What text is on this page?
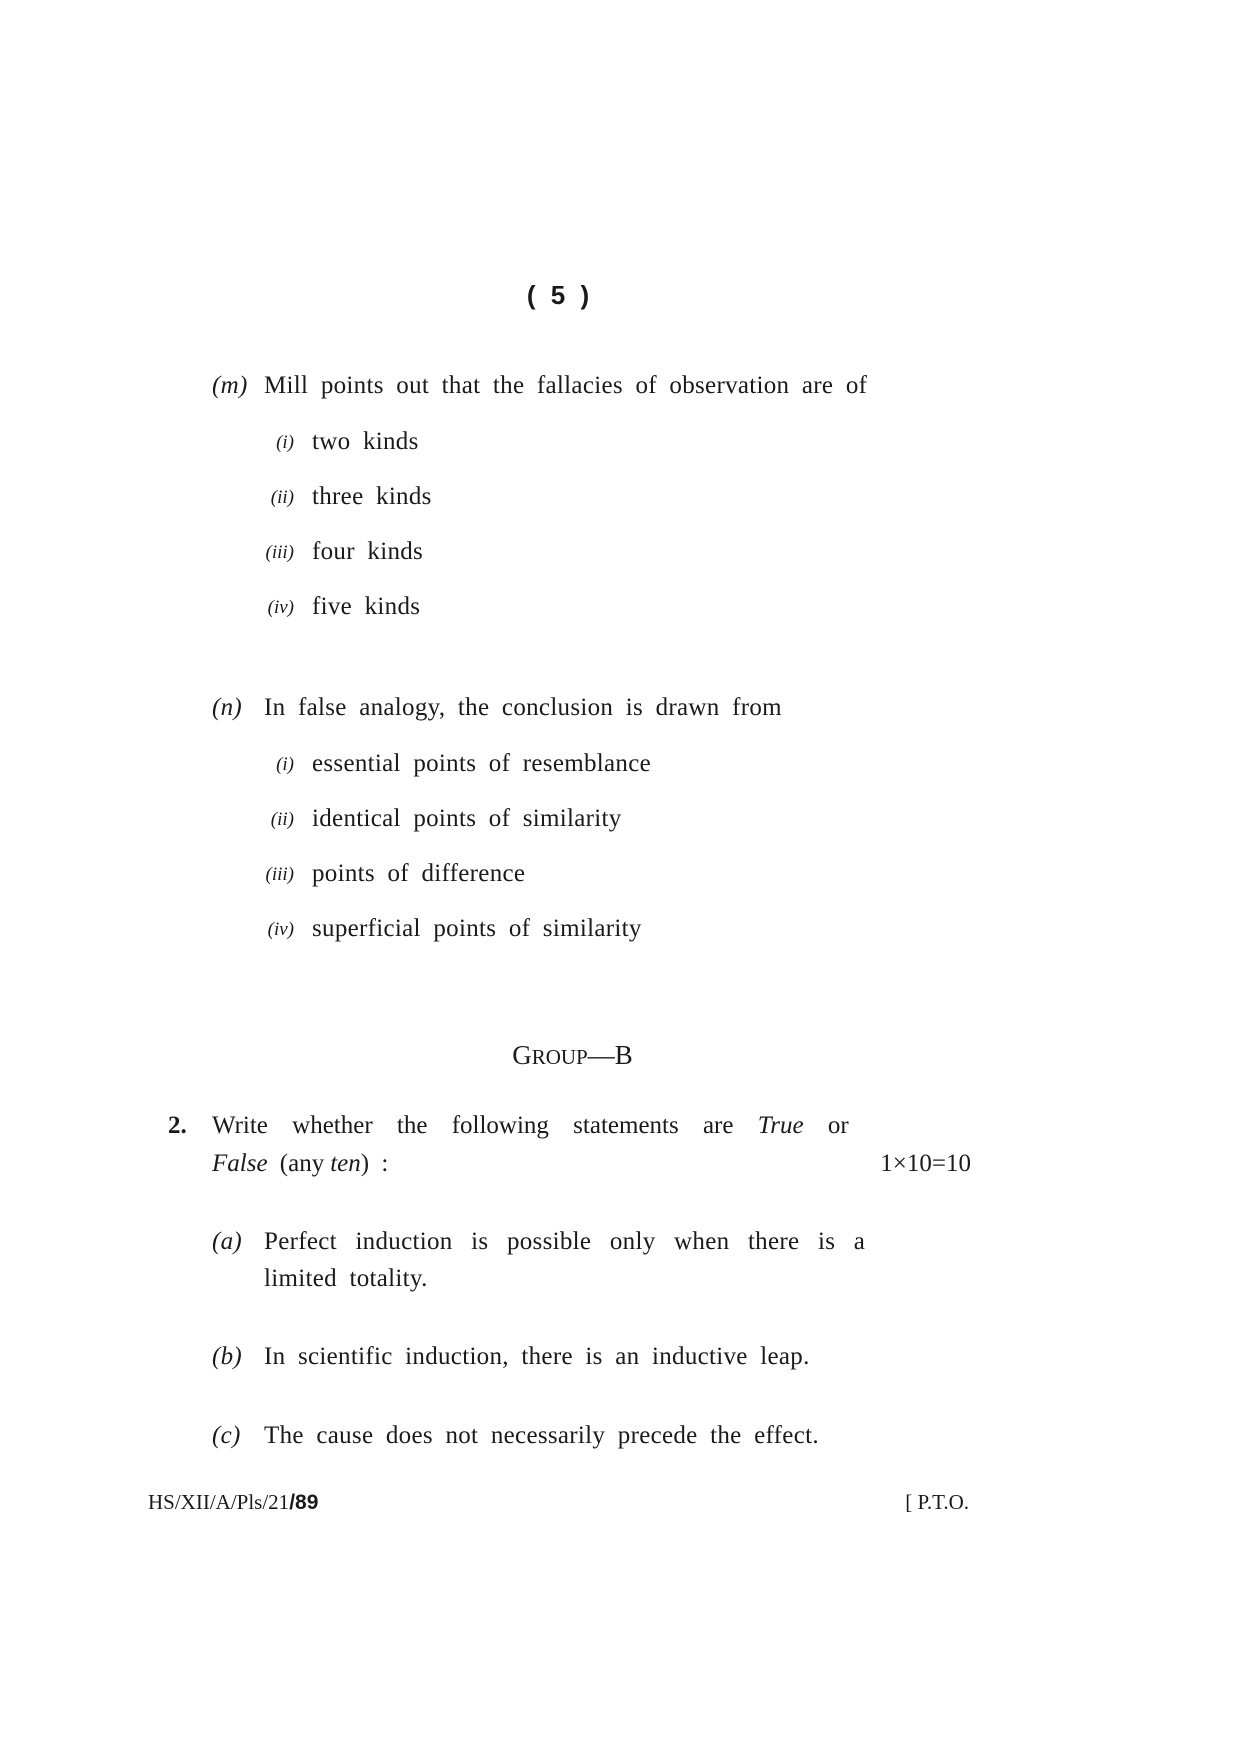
( 5 )
(m) Mill points out that the fallacies of observation are of
(i) two kinds
(ii) three kinds
(iii) four kinds
(iv) five kinds
(n) In false analogy, the conclusion is drawn from
(i) essential points of resemblance
(ii) identical points of similarity
(iii) points of difference
(iv) superficial points of similarity
GROUP—B
2. Write whether the following statements are True or
False (any ten) :	1×10=10
(a) Perfect induction is possible only when there is a
limited totality.
(b) In scientific induction, there is an inductive leap.
(c) The cause does not necessarily precede the effect.
HS/XII/A/Pls/21/89	[ P.T.O.
